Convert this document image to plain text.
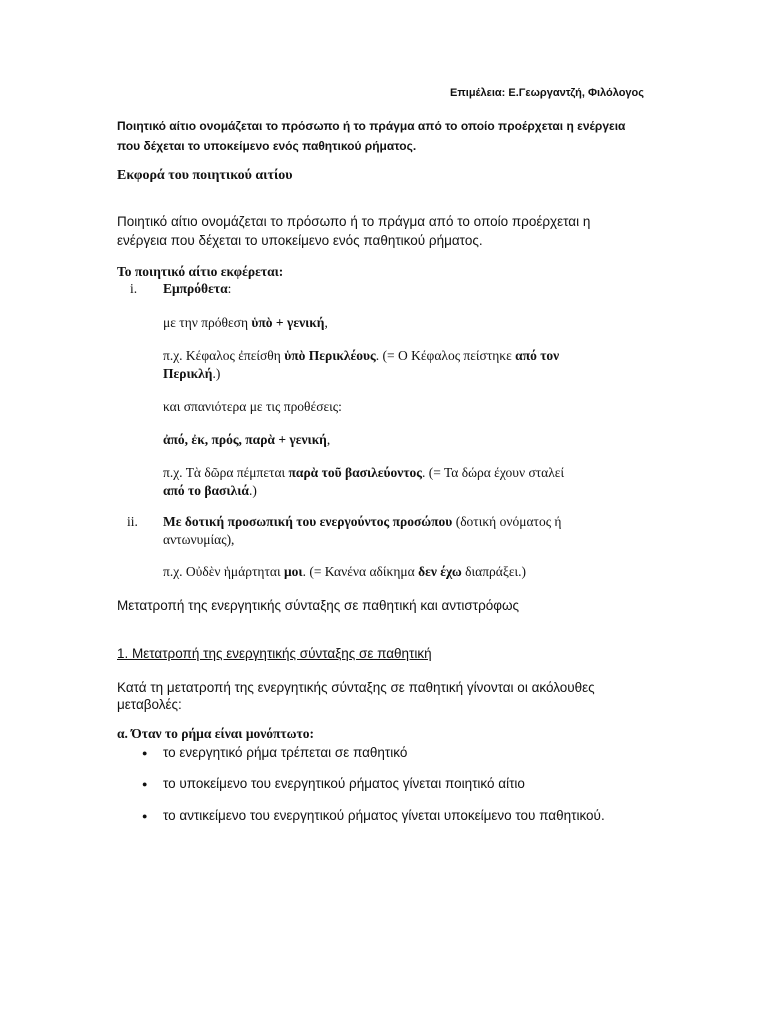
Επιμέλεια: Ε.Γεωργαντζή, Φιλόλογος
Ποιητικό αίτιο ονομάζεται το πρόσωπο ή το πράγμα από το οποίο προέρχεται η ενέργεια
που δέχεται το υποκείμενο ενός παθητικού ρήματος.
Εκφορά του ποιητικού αιτίου
Ποιητικό αίτιο ονομάζεται το πρόσωπο ή το πράγμα από το οποίο προέρχεται η
ενέργεια που δέχεται το υποκείμενο ενός παθητικού ρήματος.
Το ποιητικό αίτιο εκφέρεται:
i. Εμπρόθετα:
με την πρόθεση ὑπὸ + γενική,
π.χ. Κέφαλος ἐπείσθη ὑπὸ Περικλέους. (= Ο Κέφαλος πείστηκε από τον
Περικλή.)
και σπανιότερα με τις προθέσεις:
ἀπό, ἐκ, πρός, παρὰ + γενική,
π.χ. Τὰ δῶρα πέμπεται παρὰ τοῦ βασιλεύοντος. (= Τα δώρα έχουν σταλεί
από το βασιλιά.)
ii. Με δοτική προσωπική του ενεργούντος προσώπου (δοτική ονόματος ή
αντωνυμίας),
π.χ. Οὐδὲν ἡμάρτηται μοι. (= Κανένα αδίκημα δεν έχω διαπράξει.)
Μετατροπή της ενεργητικής σύνταξης σε παθητική και αντιστρόφως
1. Μετατροπή της ενεργητικής σύνταξης σε παθητική
Κατά τη μετατροπή της ενεργητικής σύνταξης σε παθητική γίνονται οι ακόλουθες
μεταβολές:
α. Όταν το ρήμα είναι μονόπτωτο:
● το ενεργητικό ρήμα τρέπεται σε παθητικό
● το υποκείμενο του ενεργητικού ρήματος γίνεται ποιητικό αίτιο
● το αντικείμενο του ενεργητικού ρήματος γίνεται υποκείμενο του παθητικού.
